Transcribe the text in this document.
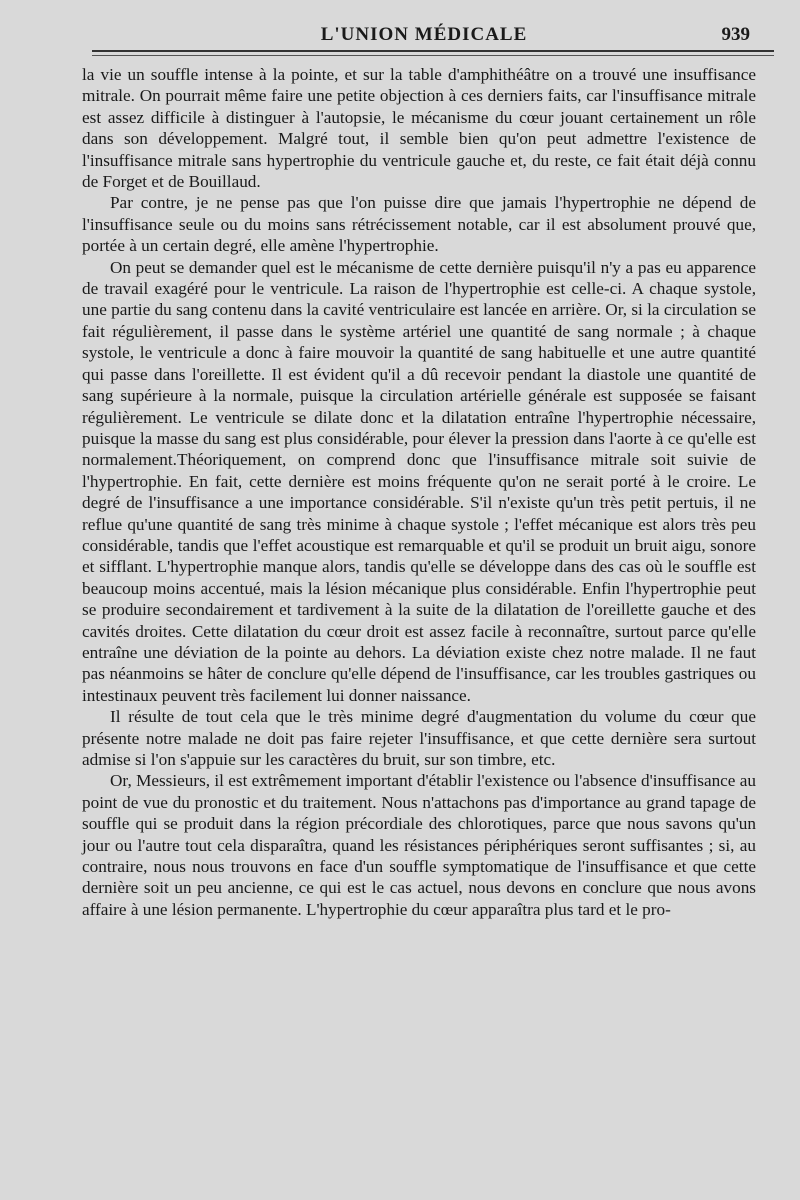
L'UNION MÉDICALE	939

la vie un souffle intense à la pointe, et sur la table d'amphithéâtre on a trouvé une insuffisance mitrale. On pourrait même faire une petite objection à ces derniers faits, car l'insuffisance mitrale est assez difficile à distinguer à l'autopsie, le mécanisme du cœur jouant certainement un rôle dans son développement. Malgré tout, il semble bien qu'on peut admettre l'existence de l'insuffisance mitrale sans hypertrophie du ventricule gauche et, du reste, ce fait était déjà connu de Forget et de Bouillaud.

Par contre, je ne pense pas que l'on puisse dire que jamais l'hypertrophie ne dépend de l'insuffisance seule ou du moins sans rétrécissement notable, car il est absolument prouvé que, portée à un certain degré, elle amène l'hypertrophie.

On peut se demander quel est le mécanisme de cette dernière puisqu'il n'y a pas eu apparence de travail exagéré pour le ventricule. La raison de l'hypertrophie est celle-ci. A chaque systole, une partie du sang contenu dans la cavité ventriculaire est lancée en arrière. Or, si la circulation se fait régulièrement, il passe dans le système artériel une quantité de sang normale ; à chaque systole, le ventricule a donc à faire mouvoir la quantité de sang habituelle et une autre quantité qui passe dans l'oreillette. Il est évident qu'il a dû recevoir pendant la diastole une quantité de sang supérieure à la normale, puisque la circulation artérielle générale est supposée se faisant régulièrement. Le ventricule se dilate donc et la dilatation entraîne l'hypertrophie nécessaire, puisque la masse du sang est plus considérable, pour élever la pression dans l'aorte à ce qu'elle est normalement.Théoriquement, on comprend donc que l'insuffisance mitrale soit suivie de l'hypertrophie. En fait, cette dernière est moins fréquente qu'on ne serait porté à le croire. Le degré de l'insuffisance a une importance considérable. S'il n'existe qu'un très petit pertuis, il ne reflue qu'une quantité de sang très minime à chaque systole ; l'effet mécanique est alors très peu considérable, tandis que l'effet acoustique est remarquable et qu'il se produit un bruit aigu, sonore et sifflant. L'hypertrophie manque alors, tandis qu'elle se développe dans des cas où le souffle est beaucoup moins accentué, mais la lésion mécanique plus considérable. Enfin l'hypertrophie peut se produire secondairement et tardivement à la suite de la dilatation de l'oreillette gauche et des cavités droites. Cette dilatation du cœur droit est assez facile à reconnaître, surtout parce qu'elle entraîne une déviation de la pointe au dehors. La déviation existe chez notre malade. Il ne faut pas néanmoins se hâter de conclure qu'elle dépend de l'insuffisance, car les troubles gastriques ou intestinaux peuvent très facilement lui donner naissance.

Il résulte de tout cela que le très minime degré d'augmentation du volume du cœur que présente notre malade ne doit pas faire rejeter l'insuffisance, et que cette dernière sera surtout admise si l'on s'appuie sur les caractères du bruit, sur son timbre, etc.

Or, Messieurs, il est extrêmement important d'établir l'existence ou l'absence d'insuffisance au point de vue du pronostic et du traitement. Nous n'attachons pas d'importance au grand tapage de souffle qui se produit dans la région précordiale des chlorotiques, parce que nous savons qu'un jour ou l'autre tout cela disparaîtra, quand les résistances périphériques seront suffisantes ; si, au contraire, nous nous trouvons en face d'un souffle symptomatique de l'insuffisance et que cette dernière soit un peu ancienne, ce qui est le cas actuel, nous devons en conclure que nous avons affaire à une lésion permanente. L'hypertrophie du cœur apparaîtra plus tard et le pro-
